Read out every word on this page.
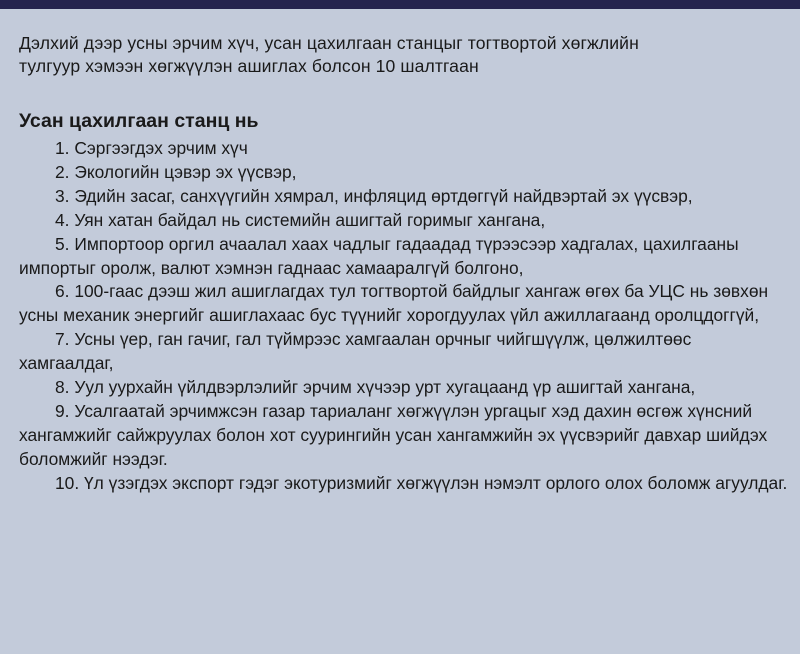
Дэлхий дээр усны эрчим хүч, усан цахилгаан станцыг тогтвортой хөгжлийн
тулгуур хэмээн хөгжүүлэн ашиглах болсон 10 шалтгаан
Усан цахилгаан станц нь
1. Сэргээгдэх эрчим хүч
2. Экологийн цэвэр эх үүсвэр,
3. Эдийн засаг, санхүүгийн хямрал, инфляцид өртдөггүй найдвэртай эх үүсвэр,
4. Уян хатан байдал нь системийн ашигтай горимыг хангана,
5. Импортоор оргил ачаалал хаах чадлыг гадаадад түрээсээр хадгалах, цахилгааны импортыг оролж, валют хэмнэн гаднаас хамааралгүй болгоно,
6. 100-гаас дээш жил ашиглагдах тул тогтвортой байдлыг хангаж өгөх ба УЦС нь зөвхөн усны механик энергийг ашиглахаас бус түүнийг хорогдуулах үйл ажиллагаанд оролцдоггүй,
7. Усны үер, ган гачиг, гал түймрээс хамгаалан орчныг чийгшүүлж, цөлжилтөөс хамгаалдаг,
8. Уул уурхайн үйлдвэрлэлийг эрчим хүчээр урт хугацаанд үр ашигтай хангана,
9. Усалгаатай эрчимжсэн газар тариаланг хөгжүүлэн ургацыг хэд дахин өсгөж хүнсний хангамжийг сайжруулах болон хот суурингийн усан хангамжийн эх үүсвэрийг давхар шийдэх боломжийг нээдэг.
10. Үл үзэгдэх экспорт гэдэг экотуризмийг хөгжүүлэн нэмэлт орлого олох боломж агуулдаг.
